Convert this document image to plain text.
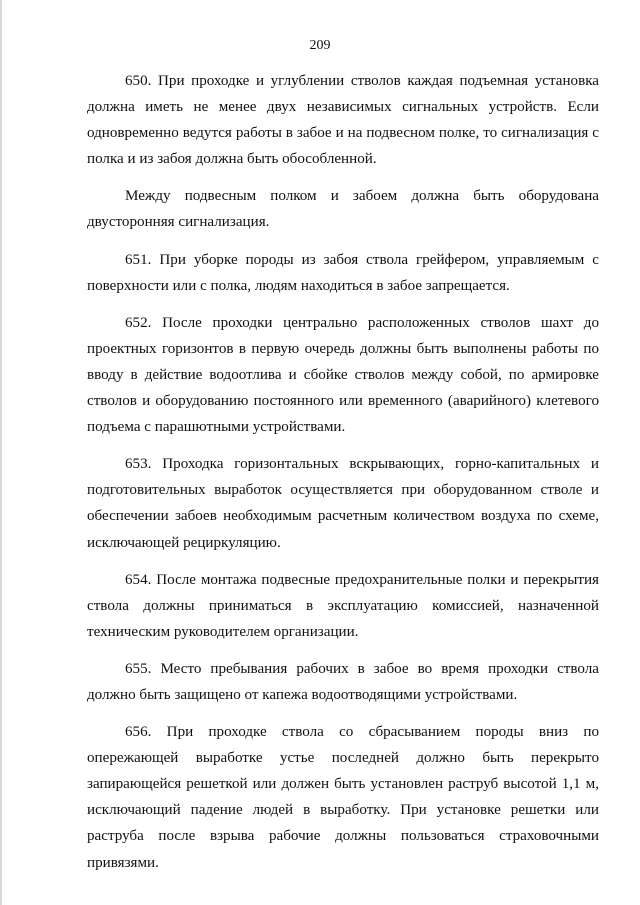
209

650. При проходке и углублении стволов каждая подъемная установка должна иметь не менее двух независимых сигнальных устройств. Если одновременно ведутся работы в забое и на подвесном полке, то сигнализация с полка и из забоя должна быть обособленной.

Между подвесным полком и забоем должна быть оборудована двусторонняя сигнализация.

651. При уборке породы из забоя ствола грейфером, управляемым с поверхности или с полка, людям находиться в забое запрещается.

652. После проходки центрально расположенных стволов шахт до проектных горизонтов в первую очередь должны быть выполнены работы по вводу в действие водоотлива и сбойке стволов между собой, по армировке стволов и оборудованию постоянного или временного (аварийного) клетевого подъема с парашютными устройствами.

653. Проходка горизонтальных вскрывающих, горно-капитальных и подготовительных выработок осуществляется при оборудованном стволе и обеспечении забоев необходимым расчетным количеством воздуха по схеме, исключающей рециркуляцию.

654. После монтажа подвесные предохранительные полки и перекрытия ствола должны приниматься в эксплуатацию комиссией, назначенной техническим руководителем организации.

655. Место пребывания рабочих в забое во время проходки ствола должно быть защищено от капежа водоотводящими устройствами.

656. При проходке ствола со сбрасыванием породы вниз по опережающей выработке устье последней должно быть перекрыто запирающейся решеткой или должен быть установлен раструб высотой 1,1 м, исключающий падение людей в выработку. При установке решетки или раструба после взрыва рабочие должны пользоваться страховочными привязями.
